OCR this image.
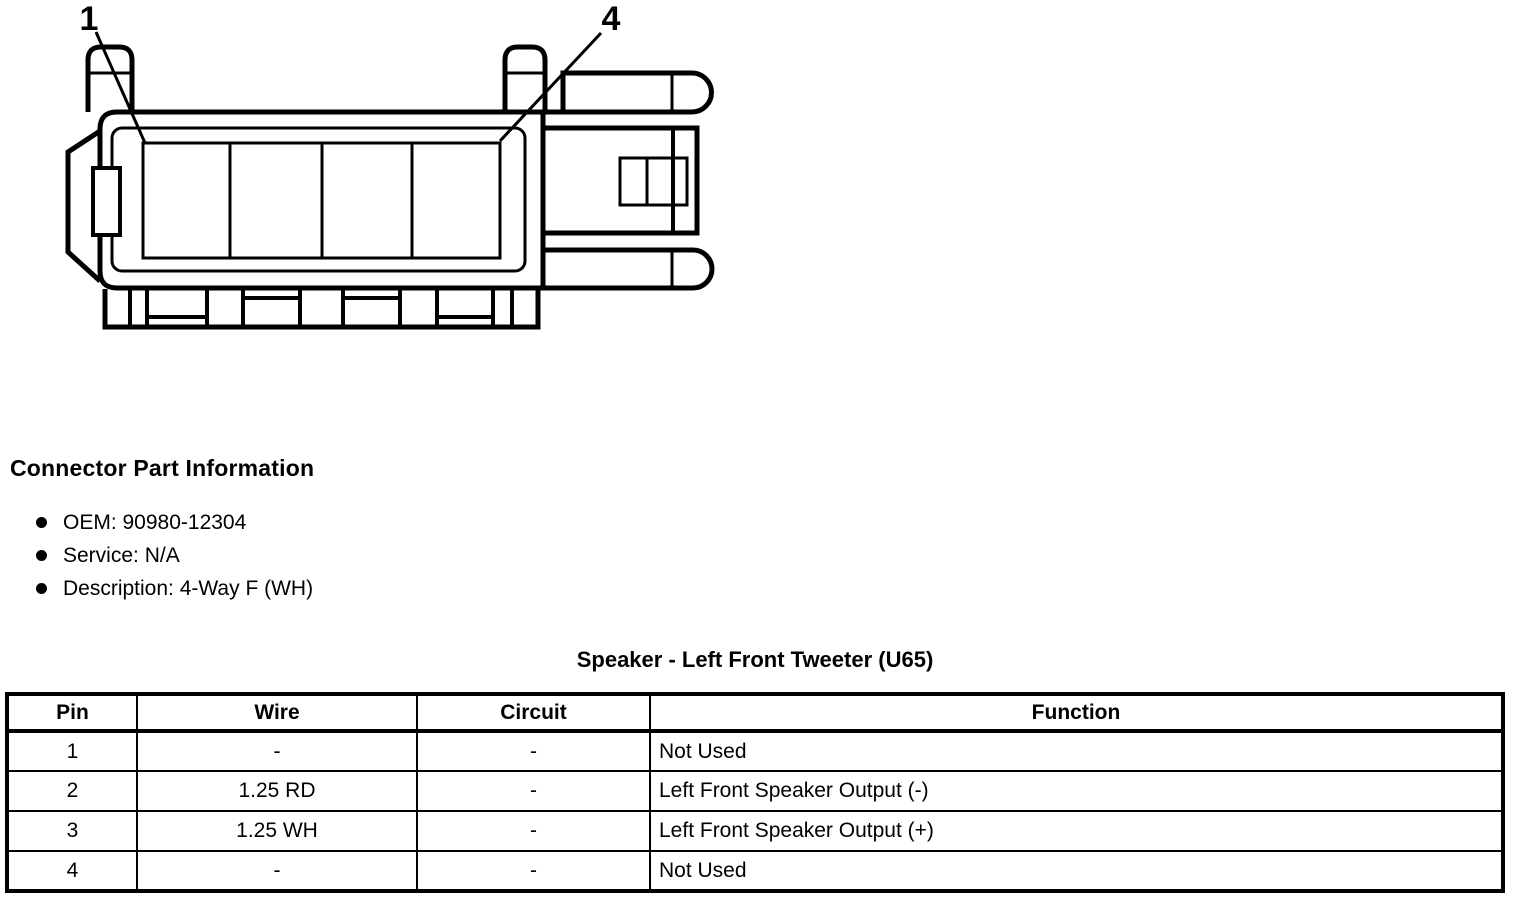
1	4
Connector Part Information
OEM: 90980-12304
Service: N/A
Description: 4-Way F (WH)
Speaker - Left Front Tweeter (U65)
Pin	Wire	Circuit	Function
1	-	-	Not Used
2	1.25 RD	-	Left Front Speaker Output (-)
3	1.25 WH	-	Left Front Speaker Output (+)
4	-	-	Not Used
